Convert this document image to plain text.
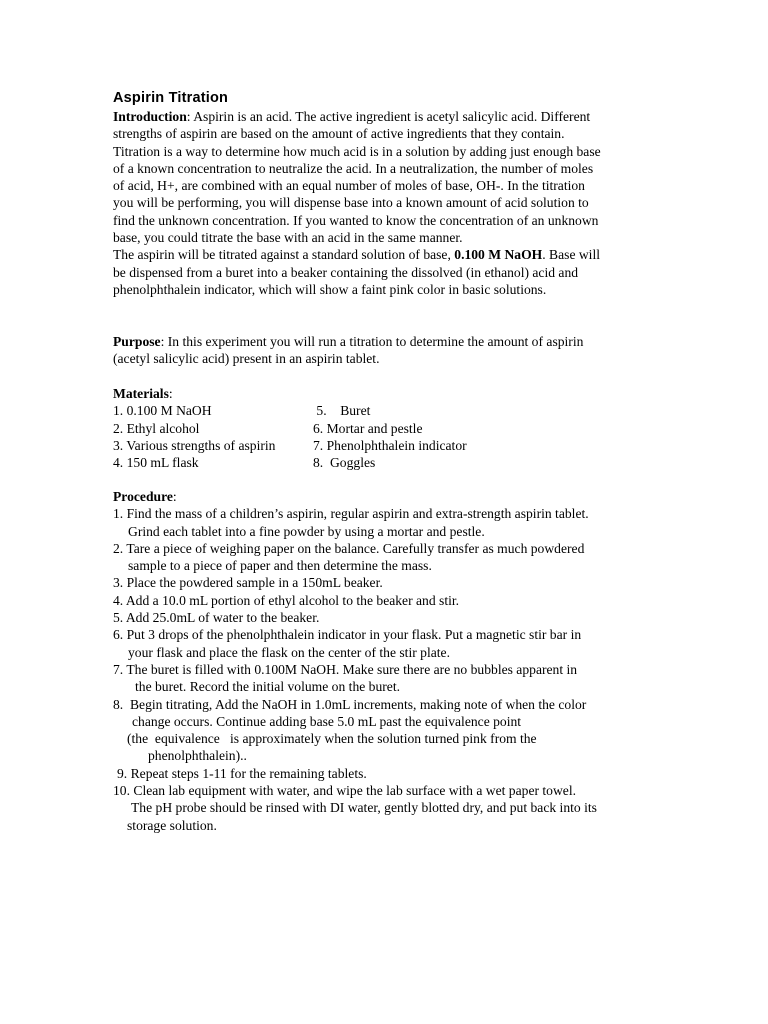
Aspirin Titration
Introduction: Aspirin is an acid. The active ingredient is acetyl salicylic acid. Different
strengths of aspirin are based on the amount of active ingredients that they contain.
Titration is a way to determine how much acid is in a solution by adding just enough base
of a known concentration to neutralize the acid. In a neutralization, the number of moles
of acid, H+, are combined with an equal number of moles of base, OH-. In the titration
you will be performing, you will dispense base into a known amount of acid solution to
find the unknown concentration. If you wanted to know the concentration of an unknown
base, you could titrate the base with an acid in the same manner.
The aspirin will be titrated against a standard solution of base, 0.100 M NaOH. Base will
be dispensed from a buret into a beaker containing the dissolved (in ethanol) acid and
phenolphthalein indicator, which will show a faint pink color in basic solutions.
Purpose: In this experiment you will run a titration to determine the amount of aspirin
(acetyl salicylic acid) present in an aspirin tablet.
Materials:
1. 0.100 M NaOH	5.    Buret
2. Ethyl alcohol	6. Mortar and pestle
3. Various strengths of aspirin	7. Phenolphthalein indicator
4. 150 mL flask	8.  Goggles
Procedure:
1. Find the mass of a children’s aspirin, regular aspirin and extra-strength aspirin tablet.
Grind each tablet into a fine powder by using a mortar and pestle.
2. Tare a piece of weighing paper on the balance. Carefully transfer as much powdered
sample to a piece of paper and then determine the mass.
3. Place the powdered sample in a 150mL beaker.
4. Add a 10.0 mL portion of ethyl alcohol to the beaker and stir.
5. Add 25.0mL of water to the beaker.
6. Put 3 drops of the phenolphthalein indicator in your flask. Put a magnetic stir bar in
your flask and place the flask on the center of the stir plate.
7. The buret is filled with 0.100M NaOH. Make sure there are no bubbles apparent in
the buret. Record the initial volume on the buret.
8.  Begin titrating, Add the NaOH in 1.0mL increments, making note of when the color
change occurs. Continue adding base 5.0 mL past the equivalence point
(the  equivalence   is approximately when the solution turned pink from the
phenolphthalein)..
9. Repeat steps 1-11 for the remaining tablets.
10. Clean lab equipment with water, and wipe the lab surface with a wet paper towel.
The pH probe should be rinsed with DI water, gently blotted dry, and put back into its
storage solution.
